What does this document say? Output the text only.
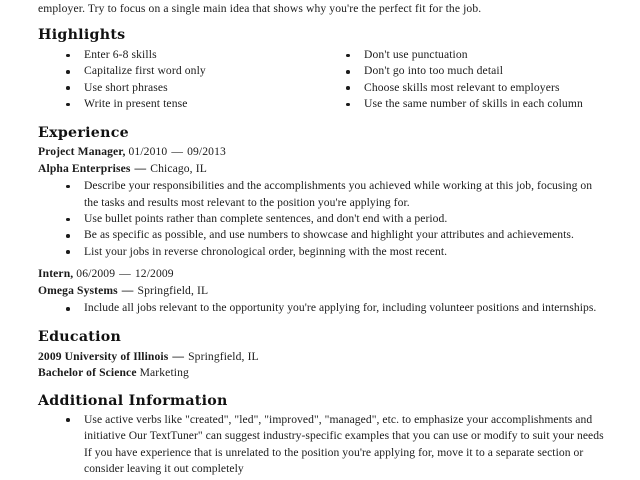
employer. Try to focus on a single main idea that shows why you're the perfect fit for the job.

Highlights
Enter 6-8 skills
Capitalize first word only
Use short phrases
Write in present tense
Don't use punctuation
Don't go into too much detail
Choose skills most relevant to employers
Use the same number of skills in each column
Experience

Project Manager, 01/2010 — 09/2013

Alpha Enterprises — Chicago, IL

Describe your responsibilities and the accomplishments you achieved while working at this job, focusing on the tasks and results most relevant to the position you're applying for.
Use bullet points rather than complete sentences, and don't end with a period.
Be as specific as possible, and use numbers to showcase and highlight your attributes and achievements.
List your jobs in reverse chronological order, beginning with the most recent.

Intern, 06/2009 — 12/2009

Omega Systems — Springfield, IL

Include all jobs relevant to the opportunity you're applying for, including volunteer positions and internships.
Education

2009 University of Illinois — Springfield, IL

Bachelor of Science Marketing

Additional Information
Use active verbs like "created", "led", "improved", "managed", etc. to emphasize your accomplishments and initiative Our TextTuner" can suggest industry-specific examples that you can use or modify to suit your needs If you have experience that is unrelated to the position you're applying for, move it to a separate section or consider leaving it out completely
